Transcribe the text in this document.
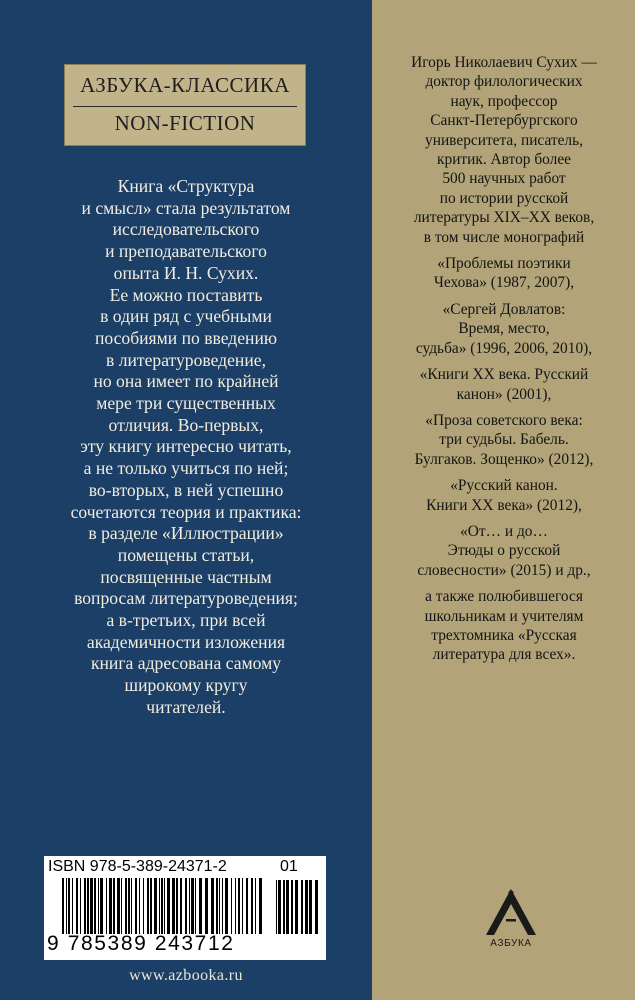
АЗБУКА-КЛАССИКА
NON-FICTION
Книга «Структура
и смысл» стала результатом
исследовательского
и преподавательского
опыта И. Н. Сухих.
Ее можно поставить
в один ряд с учебными
пособиями по введению
в литературоведение,
но она имеет по крайней
мере три существенных
отличия. Во-первых,
эту книгу интересно читать,
а не только учиться по ней;
во-вторых, в ней успешно
сочетаются теория и практика:
в разделе «Иллюстрации»
помещены статьи,
посвященные частным
вопросам литературоведения;
а в-третьих, при всей
академичности изложения
книга адресована самому
широкому кругу
читателей.
Игорь Николаевич Сухих —
доктор филологических
наук, профессор
Санкт-Петербургского
университета, писатель,
критик. Автор более
500 научных работ
по истории русской
литературы XIX–XX веков,
в том числе монографий
«Проблемы поэтики
Чехова» (1987, 2007),
«Сергей Довлатов:
Время, место,
судьба» (1996, 2006, 2010),
«Книги XX века. Русский
канон» (2001),
«Проза советского века:
три судьбы. Бабель.
Булгаков. Зощенко» (2012),
«Русский канон.
Книги XX века» (2012),
«От… и до…
Этюды о русской
словесности» (2015) и др.,
а также полюбившегося
школьникам и учителям
трехтомника «Русская
литература для всех».
ISBN 978-5-389-24371-2	01
9 785389 243712
www.azbooka.ru
АЗБУКА
